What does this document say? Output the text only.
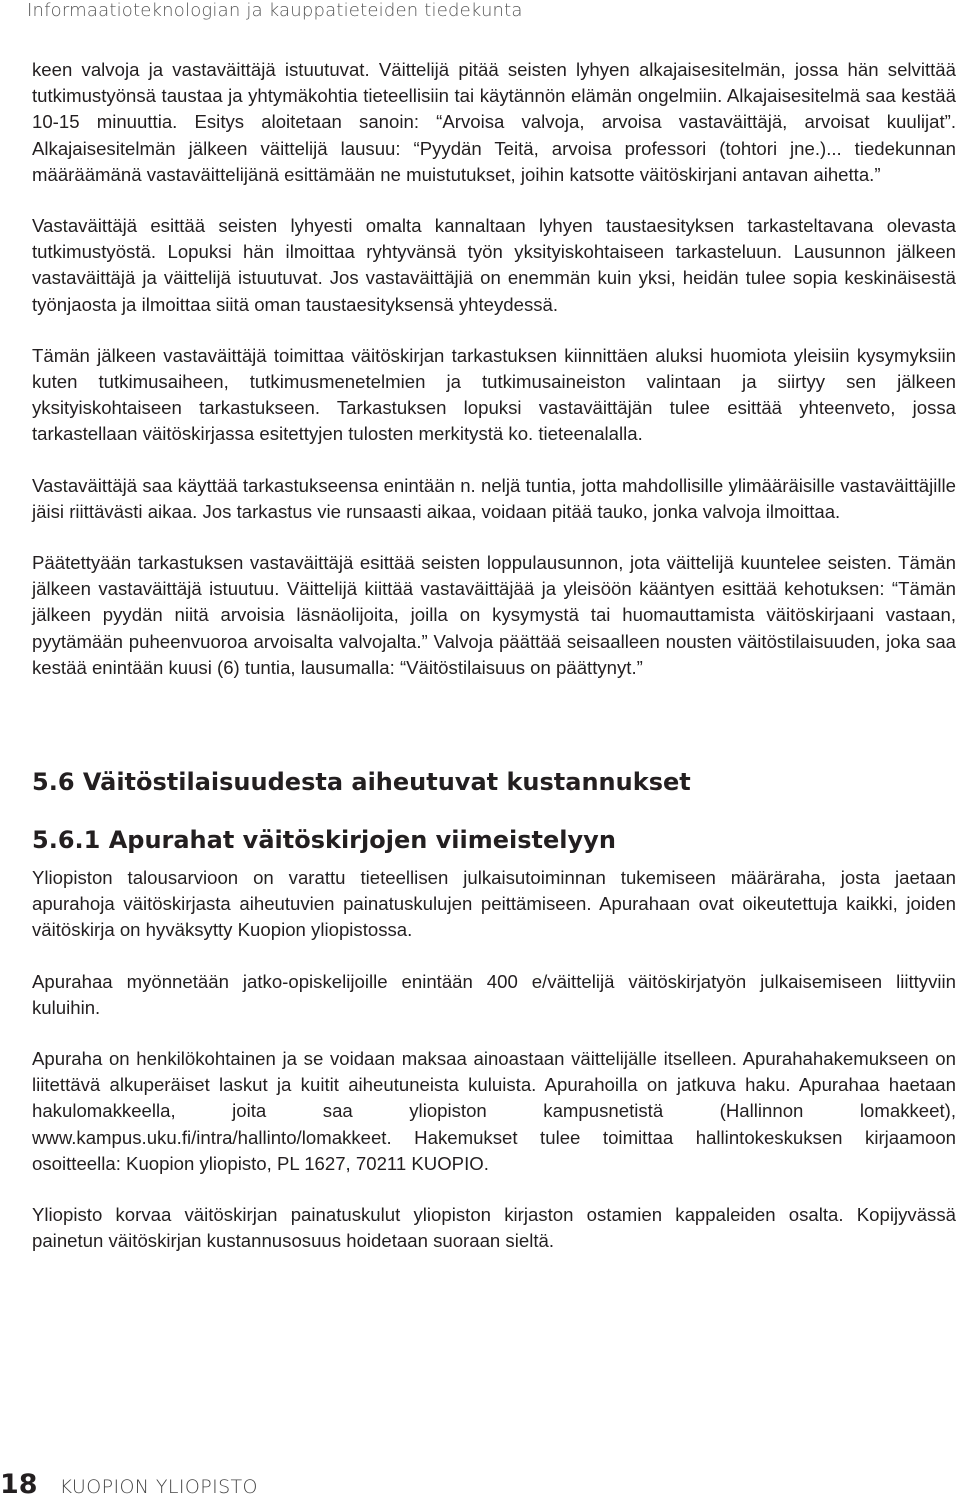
Informaatioteknologian ja kauppatieteiden tiedekunta

keen valvoja ja vastaväittäjä istuutuvat. Väittelijä pitää seisten lyhyen alkajaisesitelmän, jossa hän selvittää tutkimustyönsä taustaa ja yhtymäkohtia tieteellisiin tai käytännön elämän ongelmiin. Alkajaisesitelmä saa kestää 10-15 minuuttia. Esitys aloitetaan sanoin: “Arvoisa valvoja, arvoisa vastaväittäjä, arvoisat kuulijat”. Alkajaisesitelmän jälkeen väittelijä lausuu: “Pyydän Teitä, arvoisa professori (tohtori jne.)... tiedekunnan määräämänä vastaväittelijänä esittämään ne muistutukset, joihin katsotte väitöskirjani antavan aihetta.”

Vastaväittäjä esittää seisten lyhyesti omalta kannaltaan lyhyen taustaesityksen tarkasteltavana olevasta tutkimustyöstä. Lopuksi hän ilmoittaa ryhtyvänsä työn yksityiskohtaiseen tarkasteluun. Lausunnon jälkeen vastaväittäjä ja väittelijä istuutuvat. Jos vastaväittäjiä on enemmän kuin yksi, heidän tulee sopia keskinäisestä työnjaosta ja ilmoittaa siitä oman taustaesityksensä yhteydessä.

Tämän jälkeen vastaväittäjä toimittaa väitöskirjan tarkastuksen kiinnittäen aluksi huomiota yleisiin kysymyksiin kuten tutkimusaiheen, tutkimusmenetelmien ja tutkimusaineiston valintaan ja siirtyy sen jälkeen yksityiskohtaiseen tarkastukseen. Tarkastuksen lopuksi vastaväittäjän tulee esittää yhteenveto, jossa tarkastellaan väitöskirjassa esitettyjen tulosten merkitystä ko. tieteenalalla.

Vastaväittäjä saa käyttää tarkastukseensa enintään n. neljä tuntia, jotta mahdollisille ylimääräisille vastaväittäjille jäisi riittävästi aikaa. Jos tarkastus vie runsaasti aikaa, voidaan pitää tauko, jonka valvoja ilmoittaa.

Päätettyään tarkastuksen vastaväittäjä esittää seisten loppulausunnon, jota väittelijä kuuntelee seisten. Tämän jälkeen vastaväittäjä istuutuu. Väittelijä kiittää vastaväittäjää ja yleisöön kääntyen esittää kehotuksen: “Tämän jälkeen pyydän niitä arvoisia läsnäolijoita, joilla on kysymystä tai huomauttamista väitöskirjaani vastaan, pyytämään puheenvuoroa arvoisalta valvojalta.” Valvoja päättää seisaalleen nousten väitöstilaisuuden, joka saa kestää enintään kuusi (6) tuntia, lausumalla: “Väitöstilaisuus on päättynyt.”

5.6 Väitöstilaisuudesta aiheutuvat kustannukset
5.6.1 Apurahat väitöskirjojen viimeistelyyn

Yliopiston talousarvioon on varattu tieteellisen julkaisutoiminnan tukemiseen määräraha, josta jaetaan apurahoja väitöskirjasta aiheutuvien painatuskulujen peittämiseen. Apurahaan ovat oikeutettuja kaikki, joiden väitöskirja on hyväksytty Kuopion yliopistossa.

Apurahaa myönnetään jatko-opiskelijoille enintään 400 e/väittelijä väitöskirjatyön julkaisemiseen liittyviin kuluihin.

Apuraha on henkilökohtainen ja se voidaan maksaa ainoastaan väittelijälle itselleen. Apurahahakemukseen on liitettävä alkuperäiset laskut ja kuitit aiheutuneista kuluista. Apurahoilla on jatkuva haku. Apurahaa haetaan hakulomakkeella, joita saa yliopiston kampusnetistä (Hallinnon lomakkeet), www.kampus.uku.fi/intra/hallinto/lomakkeet. Hakemukset tulee toimittaa hallintokeskuksen kirjaamoon osoitteella: Kuopion yliopisto, PL 1627, 70211 KUOPIO.

Yliopisto korvaa väitöskirjan painatuskulut yliopiston kirjaston ostamien kappaleiden osalta. Kopijyvässä painetun väitöskirjan kustannusosuus hoidetaan suoraan sieltä.

18 KUOPION YLIOPISTO
